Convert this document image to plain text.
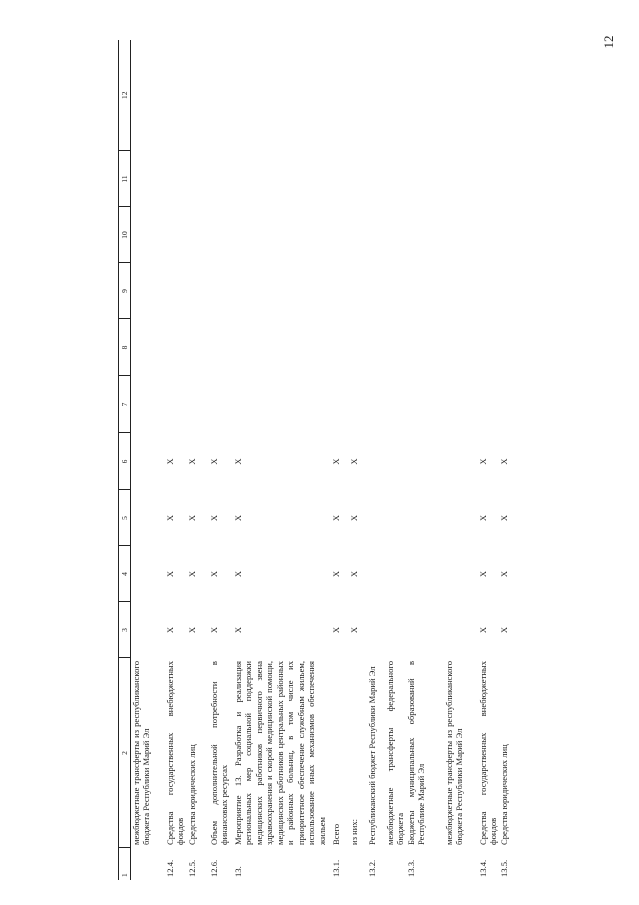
12
1	2	3	4	5	6	7	8	9	10	11	12
	межбюджетные трансферты из республиканского бюджета Республики Марий Эл										
12.4.	Средства государственных внебюджетных фондов	X	X	X	X						
12.5.	Средства юридических лиц	X	X	X	X						
12.6.	Объем дополнительной потребности в финансовых ресурсах	X	X	X	X						
13.	Мероприятие 13. Разработка и реализация региональных мер социальной поддержки медицинских работников первичного звена здравоохранения и скорой медицинской помощи, медицинских работников центральных районных и районных больниц, в том числе их приоритетное обеспечение служебным жильем, использование иных механизмов обеспечения жильем	X	X	X	X						
13.1.	Всего	X	X	X	X						
	из них:	X	X	X	X						
13.2.	Республиканский бюджет Республики Марий Эл										
	межбюджетные трансферты федерального бюджета										
13.3.	Бюджеты муниципальных образований в Республике Марий Эл										
	межбюджетные трансферты из республиканского бюджета Республики Марий Эл										
13.4.	Средства государственных внебюджетных фондов	X	X	X	X						
13.5.	Средства юридических лиц	X	X	X	X						
